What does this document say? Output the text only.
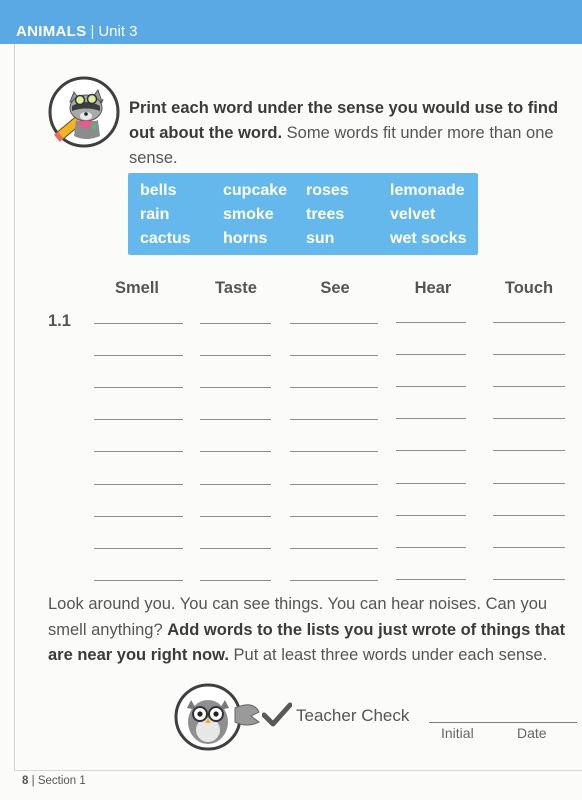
ANIMALS | Unit 3
Print each word under the sense you would use to find out about the word. Some words fit under more than one sense.
bells	cupcake roses	lemonade
rain	smoke trees	velvet
cactus horns sun	wet socks
Smell	Taste	See	Hear	Touch
1.1
Look around you. You can see things. You can hear noises. Can you smell anything? Add words to the lists you just wrote of things that are near you right now. Put at least three words under each sense.
Teacher Check
Initial	Date
8 | Section 1
